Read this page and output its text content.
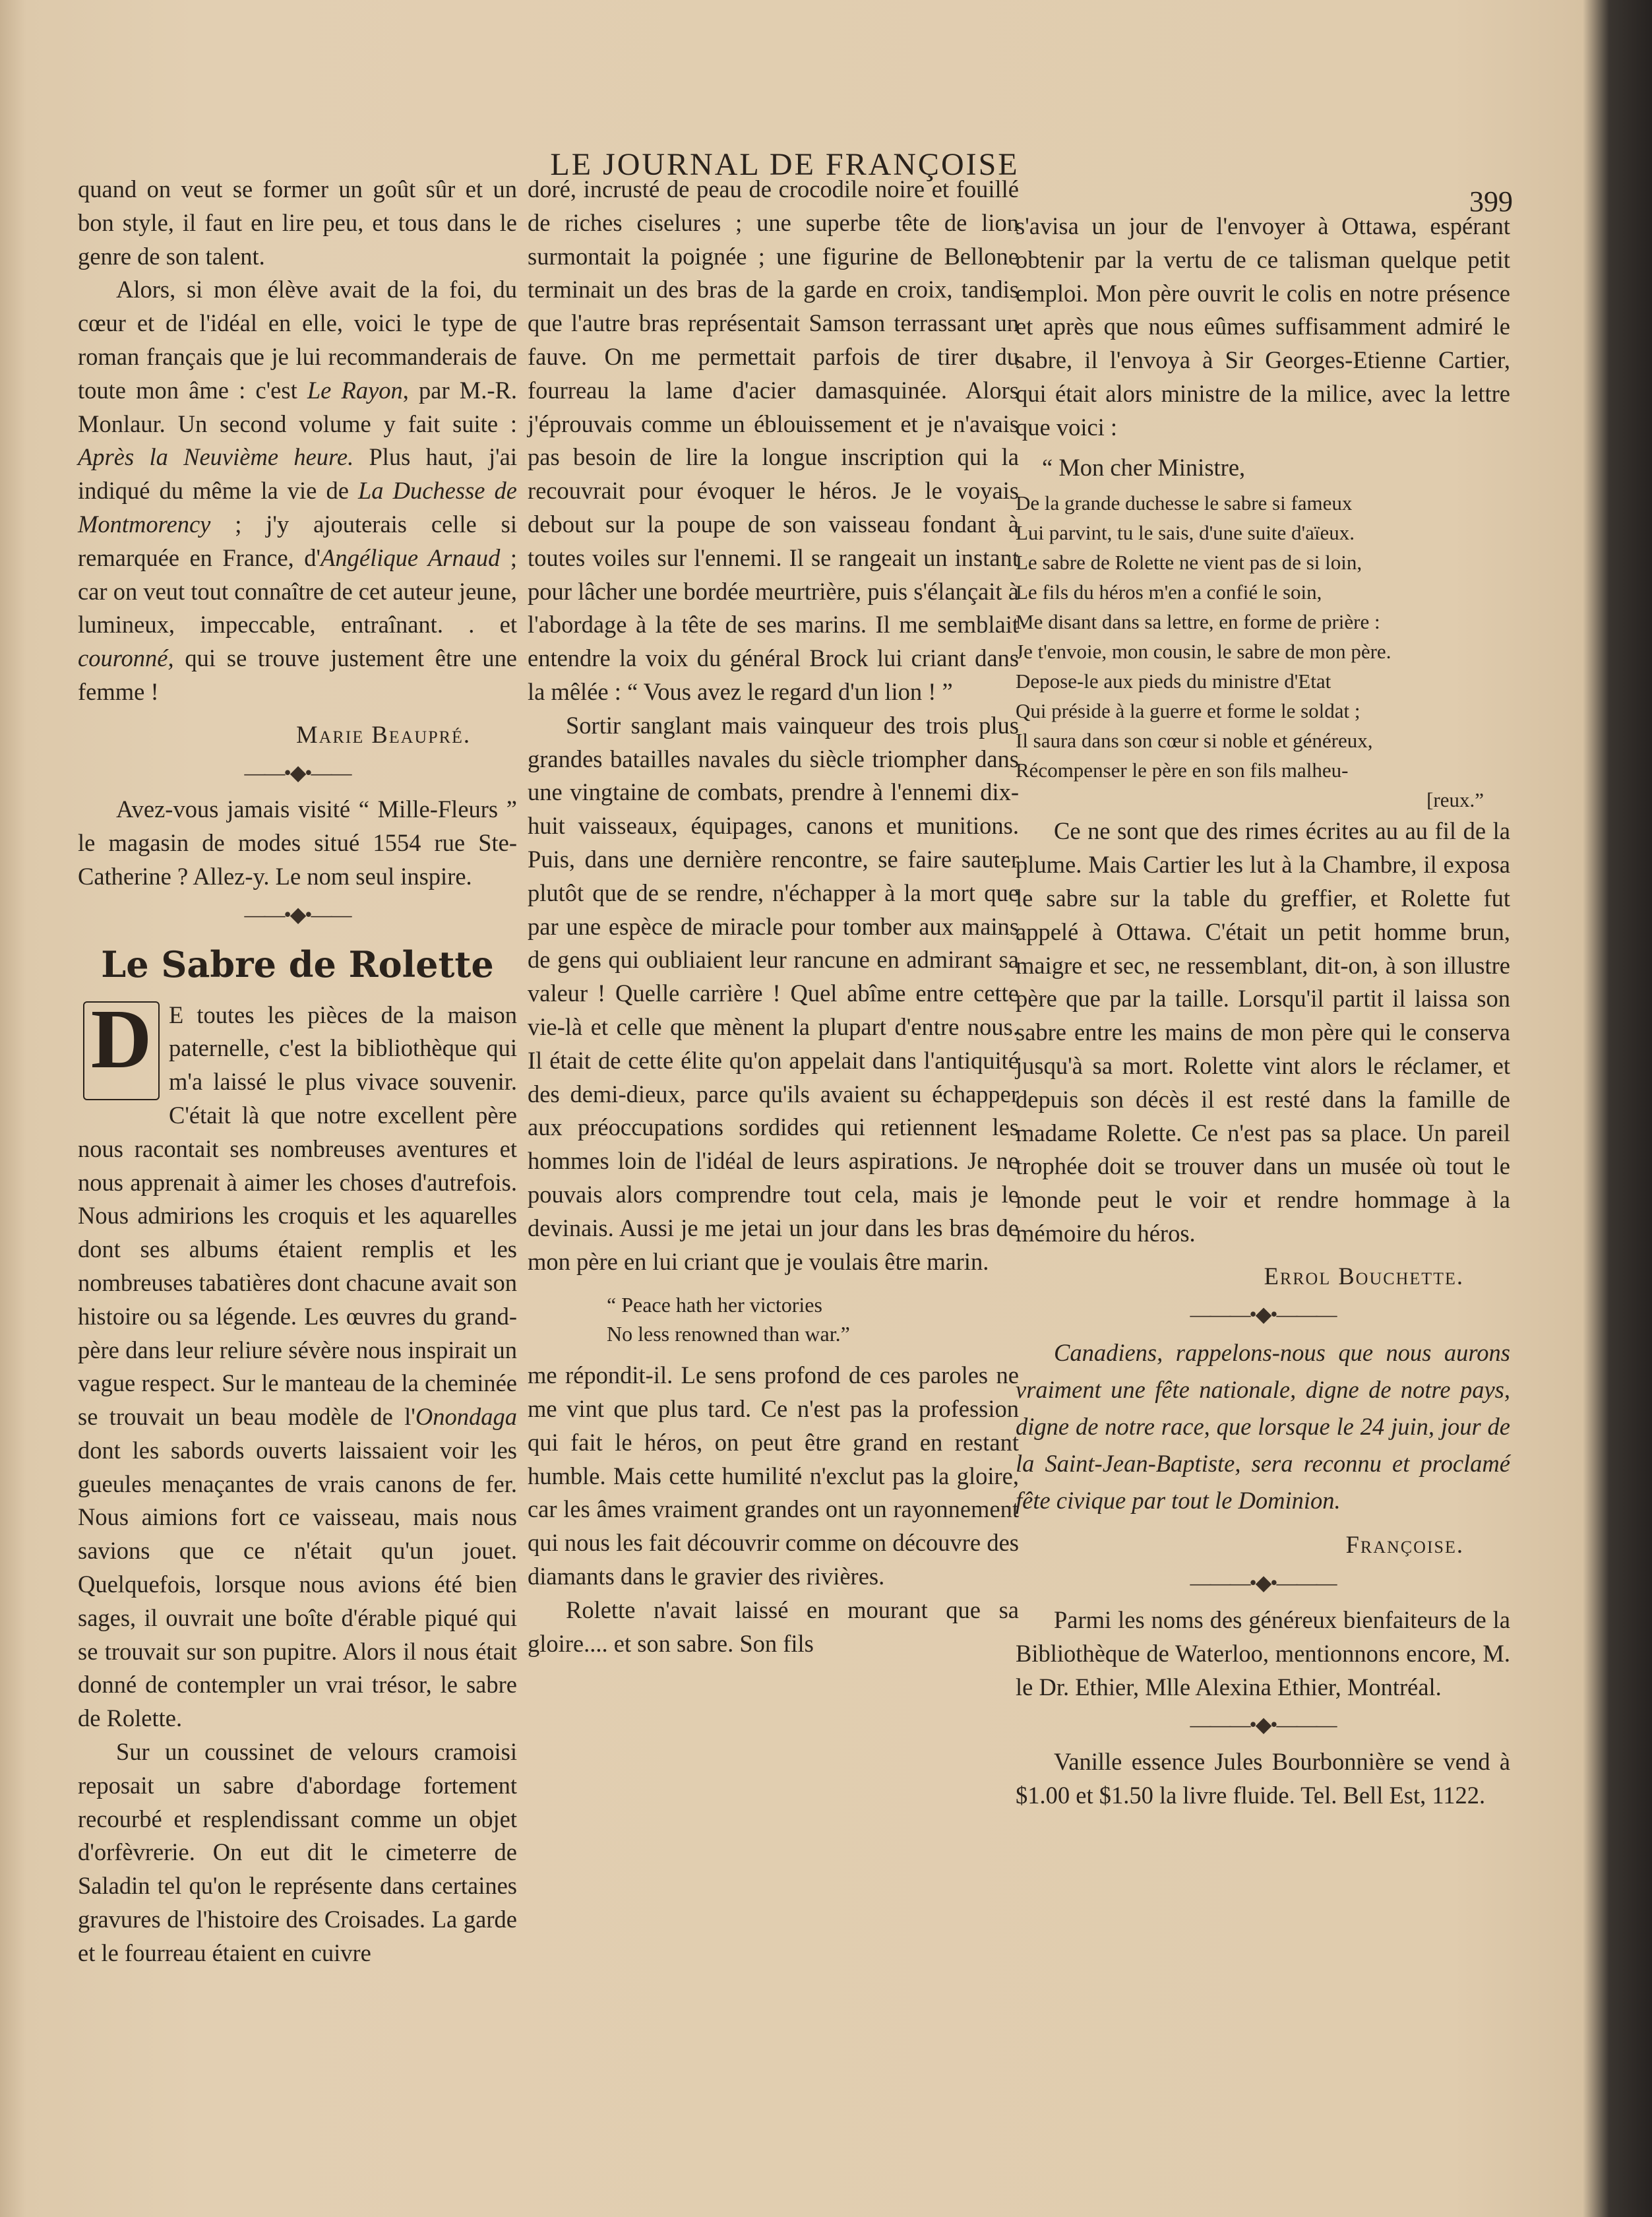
LE JOURNAL DE FRANÇOISE
399

quand on veut se former un goût sûr et un bon style, il faut en lire peu, et tous dans le genre de son talent.

Alors, si mon élève avait de la foi, du cœur et de l'idéal en elle, voici le type de roman français que je lui recommanderais de toute mon âme : c'est Le Rayon, par M.-R. Monlaur. Un second volume y fait suite : Après la Neuvième heure. Plus haut, j'ai indiqué du même la vie de La Duchesse de Montmorency ; j'y ajouterais celle si remarquée en France, d'Angélique Arnaud ; car on veut tout connaître de cet auteur jeune, lumineux, impeccable, entraînant. . et couronné, qui se trouve justement être une femme !

Marie Beaupré.

——•◆•——

Avez-vous jamais visité “ Mille-Fleurs ” le magasin de modes situé 1554 rue Ste-Catherine ? Allez-y. Le nom seul inspire.

——•◆•——

Le Sabre de Rolette

D E toutes les pièces de la maison paternelle, c'est la bibliothèque qui m'a laissé le plus vivace souvenir. C'était là que notre excellent père nous racontait ses nombreuses aventures et nous apprenait à aimer les choses d'autrefois. Nous admirions les croquis et les aquarelles dont ses albums étaient remplis et les nombreuses tabatières dont chacune avait son histoire ou sa légende. Les œuvres du grand-père dans leur reliure sévère nous inspirait un vague respect. Sur le manteau de la cheminée se trouvait un beau modèle de l'Onondaga dont les sabords ouverts laissaient voir les gueules menaçantes de vrais canons de fer. Nous aimions fort ce vaisseau, mais nous savions que ce n'était qu'un jouet. Quelquefois, lorsque nous avions été bien sages, il ouvrait une boîte d'érable piqué qui se trouvait sur son pupitre. Alors il nous était donné de contempler un vrai trésor, le sabre de Rolette.

Sur un coussinet de velours cramoisi reposait un sabre d'abordage fortement recourbé et resplendissant comme un objet d'orfèvrerie. On eut dit le cimeterre de Saladin tel qu'on le représente dans certaines gravures de l'histoire des Croisades. La garde et le fourreau étaient en cuivre

doré, incrusté de peau de crocodile noire et fouillé de riches ciselures ; une superbe tête de lion surmontait la poignée ; une figurine de Bellone terminait un des bras de la garde en croix, tandis que l'autre bras représentait Samson terrassant un fauve. On me permettait parfois de tirer du fourreau la lame d'acier damasquinée. Alors j'éprouvais comme un éblouissement et je n'avais pas besoin de lire la longue inscription qui la recouvrait pour évoquer le héros. Je le voyais debout sur la poupe de son vaisseau fondant à toutes voiles sur l'ennemi. Il se rangeait un instant pour lâcher une bordée meurtrière, puis s'élançait à l'abordage à la tête de ses marins. Il me semblait entendre la voix du général Brock lui criant dans la mêlée : “ Vous avez le regard d'un lion ! ”

Sortir sanglant mais vainqueur des trois plus grandes batailles navales du siècle triompher dans une vingtaine de combats, prendre à l'ennemi dix-huit vaisseaux, équipages, canons et munitions. Puis, dans une dernière rencontre, se faire sauter plutôt que de se rendre, n'échapper à la mort que par une espèce de miracle pour tomber aux mains de gens qui oubliaient leur rancune en admirant sa valeur ! Quelle carrière ! Quel abîme entre cette vie-là et celle que mènent la plupart d'entre nous. Il était de cette élite qu'on appelait dans l'antiquité des demi-dieux, parce qu'ils avaient su échapper aux préoccupations sordides qui retiennent les hommes loin de l'idéal de leurs aspirations. Je ne pouvais alors comprendre tout cela, mais je le devinais. Aussi je me jetai un jour dans les bras de mon père en lui criant que je voulais être marin.

“ Peace hath her victories

No less renowned than war.”

me répondit-il. Le sens profond de ces paroles ne me vint que plus tard. Ce n'est pas la profession qui fait le héros, on peut être grand en restant humble. Mais cette humilité n'exclut pas la gloire, car les âmes vraiment grandes ont un rayonnement qui nous les fait découvrir comme on découvre des diamants dans le gravier des rivières.

Rolette n'avait laissé en mourant que sa gloire.... et son sabre. Son fils

s'avisa un jour de l'envoyer à Ottawa, espérant obtenir par la vertu de ce talisman quelque petit emploi. Mon père ouvrit le colis en notre présence et après que nous eûmes suffisamment admiré le sabre, il l'envoya à Sir Georges-Etienne Cartier, qui était alors ministre de la milice, avec la lettre que voici :

“ Mon cher Ministre,

De la grande duchesse le sabre si fameux

Lui parvint, tu le sais, d'une suite d'aïeux.

Le sabre de Rolette ne vient pas de si loin,

Le fils du héros m'en a confié le soin,

Me disant dans sa lettre, en forme de prière :

Je t'envoie, mon cousin, le sabre de mon père.

Depose-le aux pieds du ministre d'Etat

Qui préside à la guerre et forme le soldat ;

Il saura dans son cœur si noble et généreux,

Récompenser le père en son fils malheu-

[reux.”

Ce ne sont que des rimes écrites au au fil de la plume. Mais Cartier les lut à la Chambre, il exposa le sabre sur la table du greffier, et Rolette fut appelé à Ottawa. C'était un petit homme brun, maigre et sec, ne ressemblant, dit-on, à son illustre père que par la taille. Lorsqu'il partit il laissa son sabre entre les mains de mon père qui le conserva jusqu'à sa mort. Rolette vint alors le réclamer, et depuis son décès il est resté dans la famille de madame Rolette. Ce n'est pas sa place. Un pareil trophée doit se trouver dans un musée où tout le monde peut le voir et rendre hommage à la mémoire du héros.

Errol Bouchette.

———•◆•———

Canadiens, rappelons-nous que nous aurons vraiment une fête nationale, digne de notre pays, digne de notre race, que lorsque le 24 juin, jour de la Saint-Jean-Baptiste, sera reconnu et proclamé fête civique par tout le Dominion.

Françoise.

———•◆•———

Parmi les noms des généreux bienfaiteurs de la Bibliothèque de Waterloo, mentionnons encore, M. le Dr. Ethier, Mlle Alexina Ethier, Montréal.

———•◆•———

Vanille essence Jules Bourbonnière se vend à $1.00 et $1.50 la livre fluide. Tel. Bell Est, 1122.
